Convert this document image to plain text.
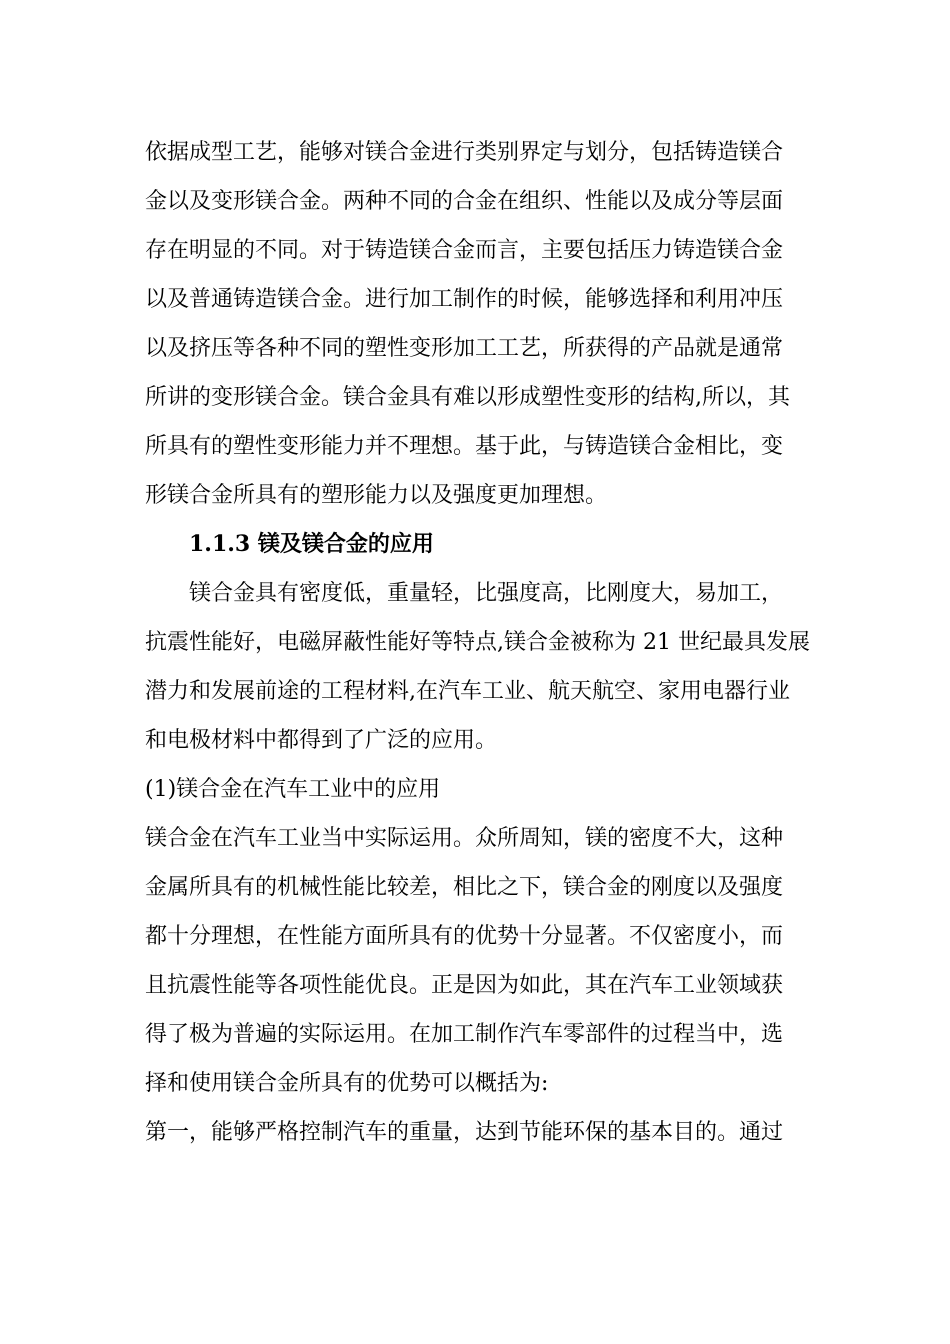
依据成型工艺，能够对镁合金进行类别界定与划分，包括铸造镁合
金以及变形镁合金。两种不同的合金在组织、性能以及成分等层面
存在明显的不同。对于铸造镁合金而言，主要包括压力铸造镁合金
以及普通铸造镁合金。进行加工制作的时候，能够选择和利用冲压
以及挤压等各种不同的塑性变形加工工艺，所获得的产品就是通常
所讲的变形镁合金。镁合金具有难以形成塑性变形的结构,所以，其
所具有的塑性变形能力并不理想。基于此，与铸造镁合金相比，变
形镁合金所具有的塑形能力以及强度更加理想。
1.1.3 镁及镁合金的应用
镁合金具有密度低，重量轻，比强度高，比刚度大，易加工，
抗震性能好，电磁屏蔽性能好等特点,镁合金被称为 21 世纪最具发展
潜力和发展前途的工程材料,在汽车工业、航天航空、家用电器行业
和电极材料中都得到了广泛的应用。
(1)镁合金在汽车工业中的应用
镁合金在汽车工业当中实际运用。众所周知，镁的密度不大，这种
金属所具有的机械性能比较差，相比之下，镁合金的刚度以及强度
都十分理想，在性能方面所具有的优势十分显著。不仅密度小，而
且抗震性能等各项性能优良。正是因为如此，其在汽车工业领域获
得了极为普遍的实际运用。在加工制作汽车零部件的过程当中，选
择和使用镁合金所具有的优势可以概括为:
第一，能够严格控制汽车的重量，达到节能环保的基本目的。通过
